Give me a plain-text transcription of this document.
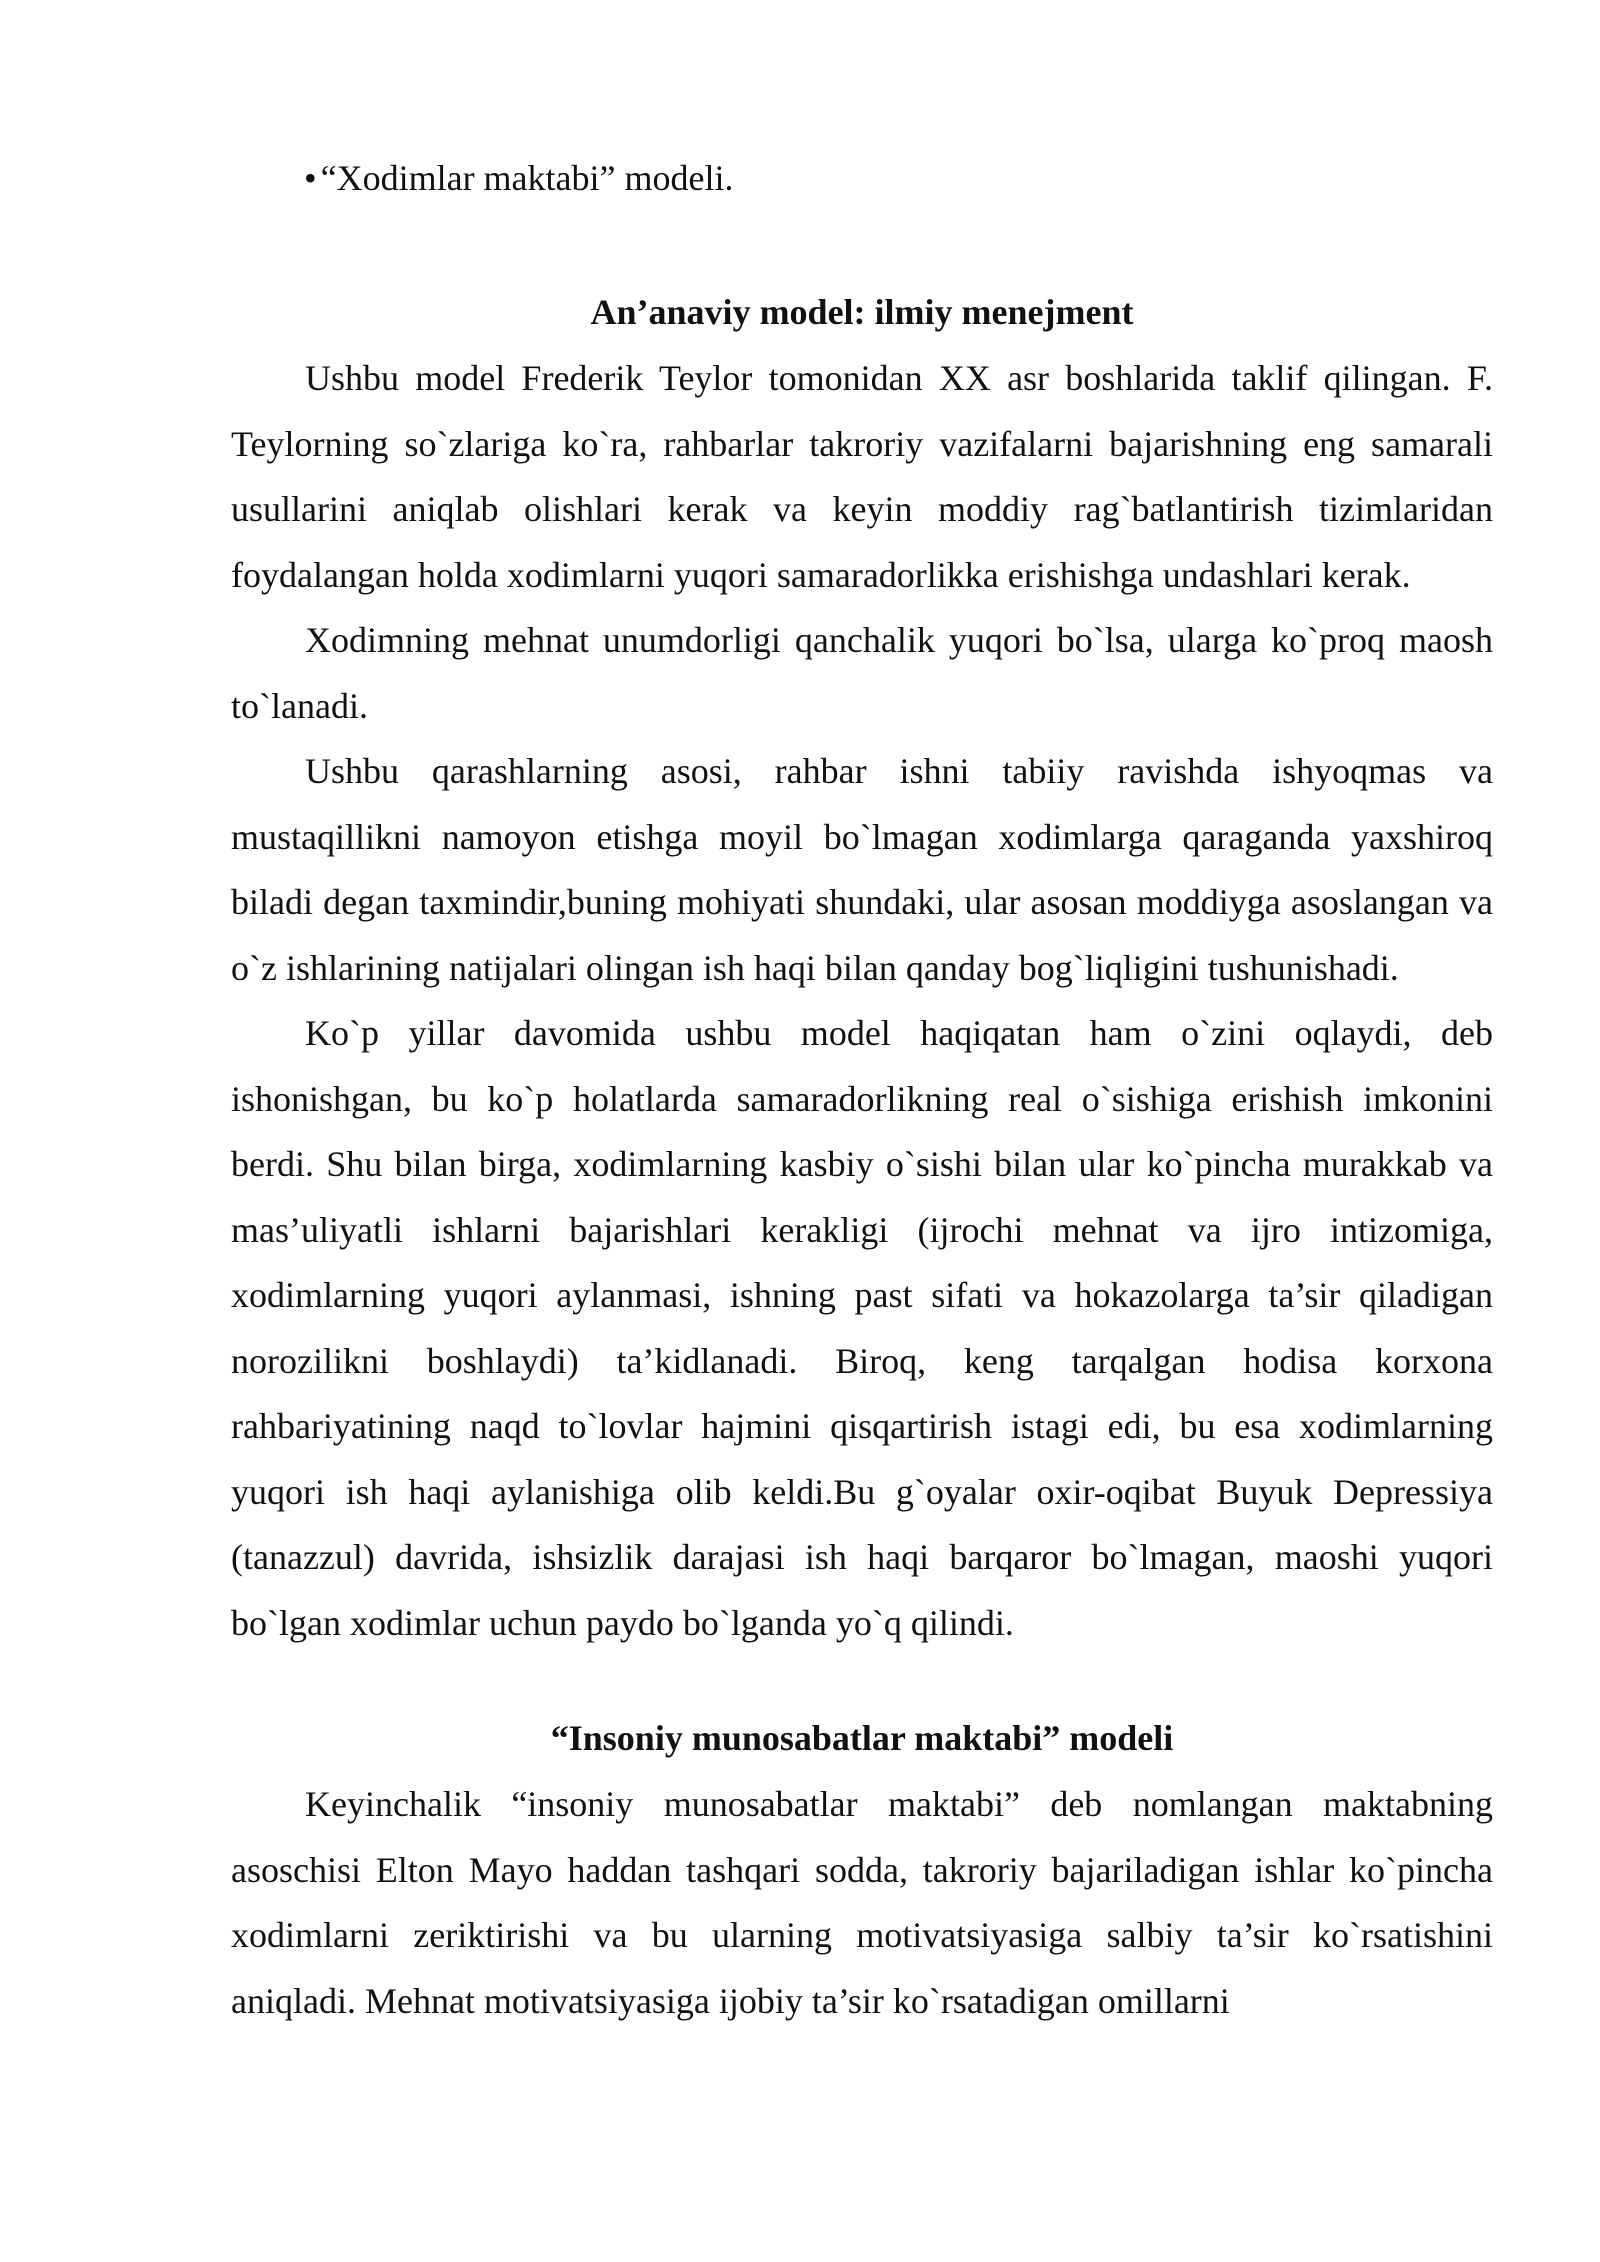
• “Xodimlar maktabi” modeli.
An’anaviy model: ilmiy menejment

Ushbu model Frederik Teylor tomonidan XX asr boshlarida taklif qilingan. F. Teylorning so`zlariga ko`ra, rahbarlar takroriy vazifalarni bajarishning eng samarali usullarini aniqlab olishlari kerak va keyin moddiy rag`batlantirish tizimlaridan foydalangan holda xodimlarni yuqori samaradorlikka erishishga undashlari kerak.

Xodimning mehnat unumdorligi qanchalik yuqori bo`lsa, ularga ko`proq maosh to`lanadi.

Ushbu qarashlarning asosi, rahbar ishni tabiiy ravishda ishyoqmas va mustaqillikni namoyon etishga moyil bo`lmagan xodimlarga qaraganda yaxshiroq biladi degan taxmindir,buning mohiyati shundaki, ular asosan moddiyga asoslangan va o`z ishlarining natijalari olingan ish haqi bilan qanday bog`liqligini tushunishadi.

Ko`p yillar davomida ushbu model haqiqatan ham o`zini oqlaydi, deb ishonishgan, bu ko`p holatlarda samaradorlikning real o`sishiga erishish imkonini berdi. Shu bilan birga, xodimlarning kasbiy o`sishi bilan ular ko`pincha murakkab va mas’uliyatli ishlarni bajarishlari kerakligi (ijrochi mehnat va ijro intizomiga, xodimlarning yuqori aylanmasi, ishning past sifati va hokazolarga ta’sir qiladigan norozilikni boshlaydi) ta’kidlanadi. Biroq, keng tarqalgan hodisa korxona rahbariyatining naqd to`lovlar hajmini qisqartirish istagi edi, bu esa xodimlarning yuqori ish haqi aylanishiga olib keldi.Bu g`oyalar oxir-oqibat Buyuk Depressiya (tanazzul) davrida, ishsizlik darajasi ish haqi barqaror bo`lmagan, maoshi yuqori bo`lgan xodimlar uchun paydo bo`lganda yo`q qilindi.

“Insoniy munosabatlar maktabi” modeli

Keyinchalik “insoniy munosabatlar maktabi” deb nomlangan maktabning asoschisi Elton Mayo haddan tashqari sodda, takroriy bajariladigan ishlar ko`pincha xodimlarni zeriktirishi va bu ularning motivatsiyasiga salbiy ta’sir ko`rsatishini aniqladi. Mehnat motivatsiyasiga ijobiy ta’sir ko`rsatadigan omillarni
